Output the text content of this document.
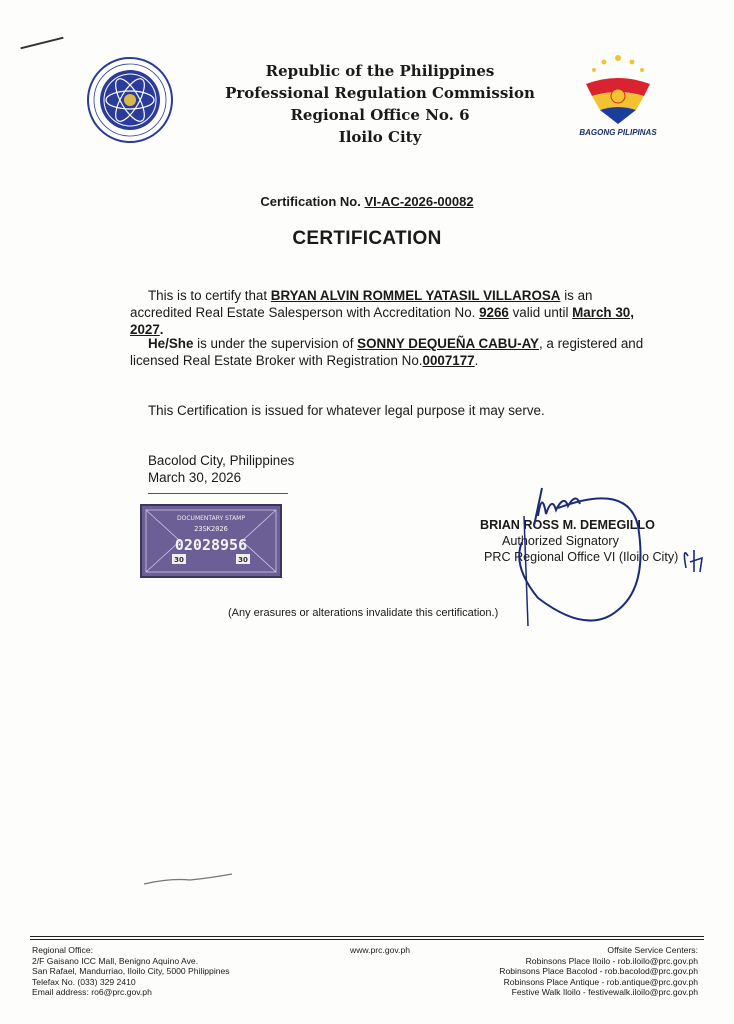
Republic of the Philippines
Professional Regulation Commission
Regional Office No. 6
Iloilo City	BAGONG PILIPINAS
Certification No. VI-AC-2026-00082
CERTIFICATION
This is to certify that BRYAN ALVIN ROMMEL YATASIL VILLAROSA is an accredited Real Estate Salesperson with Accreditation No. 9266 valid until March 30, 2027.
He/She is under the supervision of SONNY DEQUEÑA CABU-AY, a registered and licensed Real Estate Broker with Registration No.0007177.
This Certification is issued for whatever legal purpose it may serve.
Bacolod City, Philippines
March 30, 2026
DOCUMENTARY STAMP
23SK2026
02028956
30	30
BRIAN ROSS M. DEMEGILLO
Authorized Signatory
PRC Regional Office VI (Iloilo City)
(Any erasures or alterations invalidate this certification.)
Regional Office:
2/F Gaisano ICC Mall, Benigno Aquino Ave.
San Rafael, Mandurriao, Iloilo City, 5000 Philippines
Telefax No. (033) 329 2410
Email address: ro6@prc.gov.ph
www.prc.gov.ph	Offsite Service Centers:
Robinsons Place Iloilo - rob.iloilo@prc.gov.ph
Robinsons Place Bacolod - rob.bacolod@prc.gov.ph
Robinsons Place Antique - rob.antique@prc.gov.ph
Festive Walk Iloilo - festivewalk.iloilo@prc.gov.ph
